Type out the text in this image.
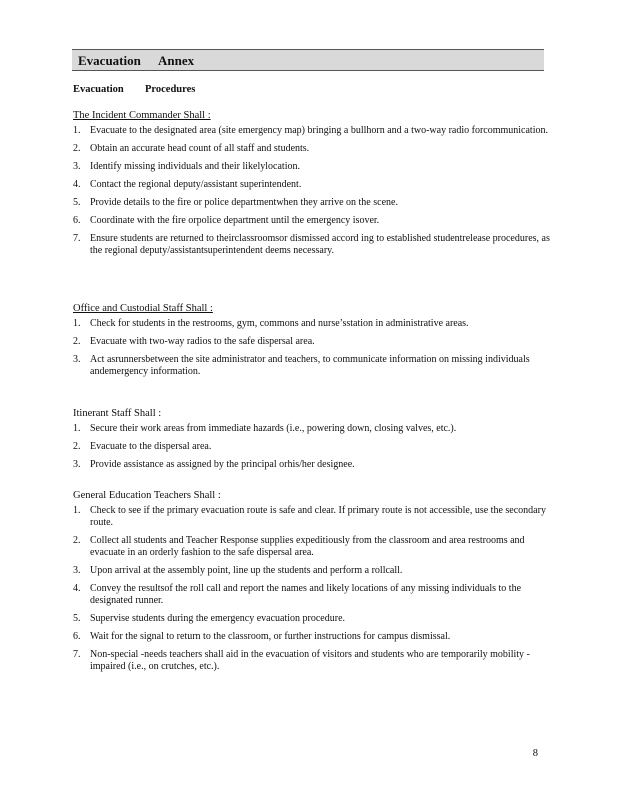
Evacuation Annex
Evacuation Procedures
The Incident Commander Shall :
1. Evacuate to the designated area (site emergency map) bringing a bullhorn and a two-way radio forcommunication.
2. Obtain an accurate head count of all staff and students.
3. Identify missing individuals and their likelylocation.
4. Contact the regional deputy/assistant superintendent.
5. Provide details to the fire or police departmentwhen they arrive on the scene.
6. Coordinate with the fire orpolice department until the emergency isover.
7. Ensure students are returned to theirclassroomsor dismissed accord ing to established studentrelease procedures, as the regional deputy/assistantsuperintendent deems necessary.
Office and Custodial Staff Shall :
1. Check for students in the restrooms, gym, commons and nurse’sstation in administrative areas.
2. Evacuate with two-way radios to the safe dispersal area.
3. Act asrunnersbetween the site administrator and teachers, to communicate information on missing individuals andemergency information.
Itinerant Staff Shall :
1. Secure their work areas from immediate hazards (i.e., powering down, closing valves, etc.).
2. Evacuate to the dispersal area.
3. Provide assistance as assigned by the principal orhis/her designee.
General Education Teachers Shall :
1. Check to see if the primary evacuation route is safe and clear. If primary route is not accessible, use the secondary route.
2. Collect all students and Teacher Response supplies expeditiously from the classroom and area restrooms and evacuate in an orderly fashion to the safe dispersal area.
3. Upon arrival at the assembly point, line up the students and perform a rollcall.
4. Convey the resultsof the roll call and report the names and likely locations of any missing individuals to the designated runner.
5. Supervise students during the emergency evacuation procedure.
6. Wait for the signal to return to the classroom, or further instructions for campus dismissal.
7. Non-special -needs teachers shall aid in the evacuation of visitors and students who are temporarily mobility -impaired (i.e., on crutches, etc.).
8
